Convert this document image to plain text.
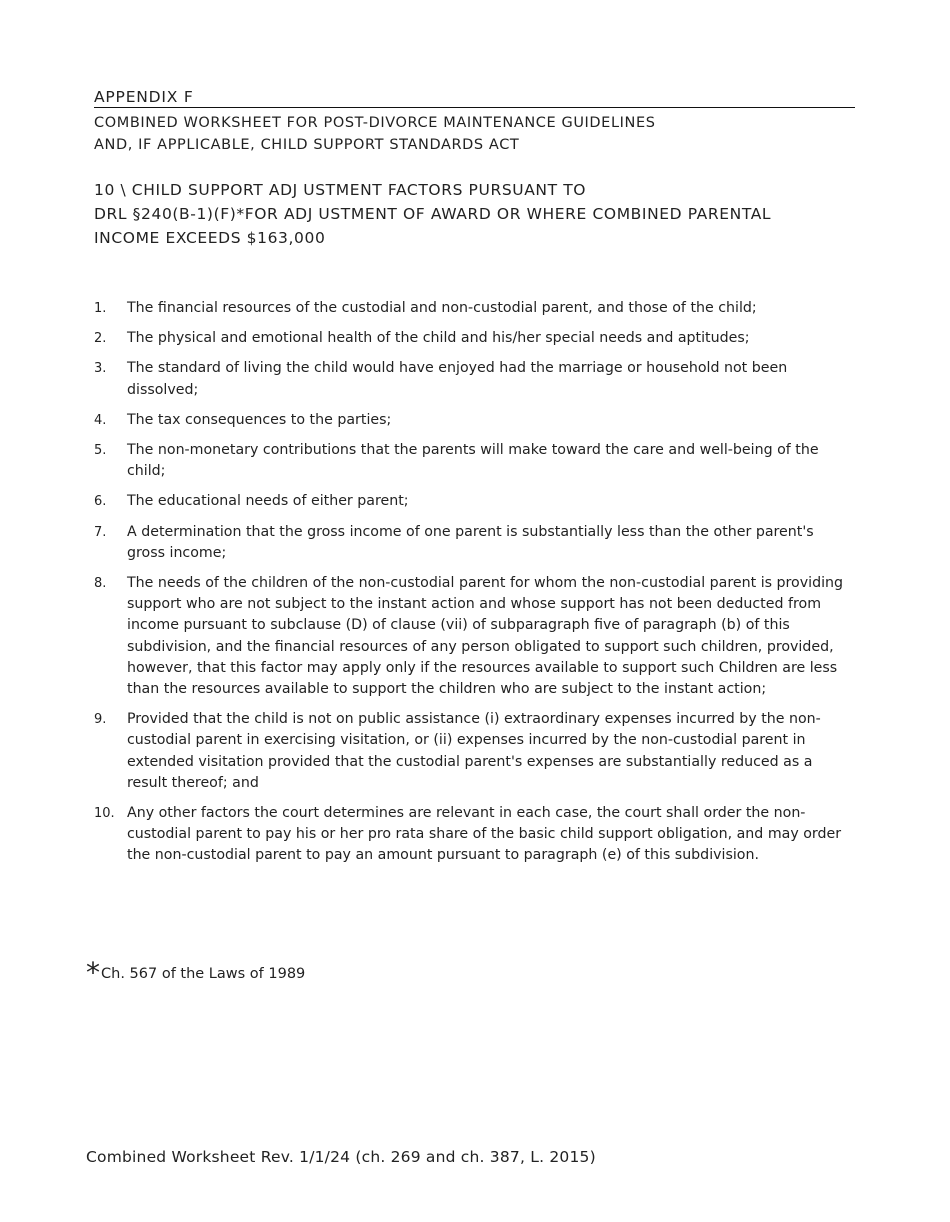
APPENDIX F
COMBINED WORKSHEET FOR POST-DIVORCE MAINTENANCE GUIDELINES
AND, IF APPLICABLE, CHILD SUPPORT STANDARDS ACT
10 \ CHILD SUPPORT ADJ USTMENT FACTORS PURSUANT TO
DRL §240(B-1)(F)*FOR ADJ USTMENT OF AWARD OR WHERE COMBINED PARENTAL
INCOME EXCEEDS $163,000
1.	The financial resources of the custodial and non-custodial parent, and those of the child;
2.	The physical and emotional health of the child and his/her special needs and aptitudes;
3.	The standard of living the child would have enjoyed had the marriage or household not been dissolved;
4.	The tax consequences to the parties;
5.	The non-monetary contributions that the parents will make toward the care and well-being of the child;
6.	The educational needs of either parent;
7.	A determination that the gross income of one parent is substantially less than the other parent's gross income;
8.	The needs of the children of the non-custodial parent for whom the non-custodial parent is providing support who are not subject to the instant action and whose support has not been deducted from income pursuant to subclause (D) of clause (vii) of subparagraph five of paragraph (b) of this subdivision, and the financial resources of any person obligated to support such children, provided, however, that this factor may apply only if the resources available to support such Children are less than the resources available to support the children who are subject to the instant action;
9.	Provided that the child is not on public assistance (i) extraordinary expenses incurred by the non-custodial parent in exercising visitation, or (ii) expenses incurred by the non-custodial parent in extended visitation provided that the custodial parent's expenses are substantially reduced as a result thereof; and
10. Any other factors the court determines are relevant in each case, the court shall order the non-custodial parent to pay his or her pro rata share of the basic child support obligation, and may order the non-custodial parent to pay an amount pursuant to paragraph (e) of this subdivision.
*Ch. 567 of the Laws of 1989
Combined Worksheet Rev. 1/1/24 (ch. 269 and ch. 387, L. 2015)
